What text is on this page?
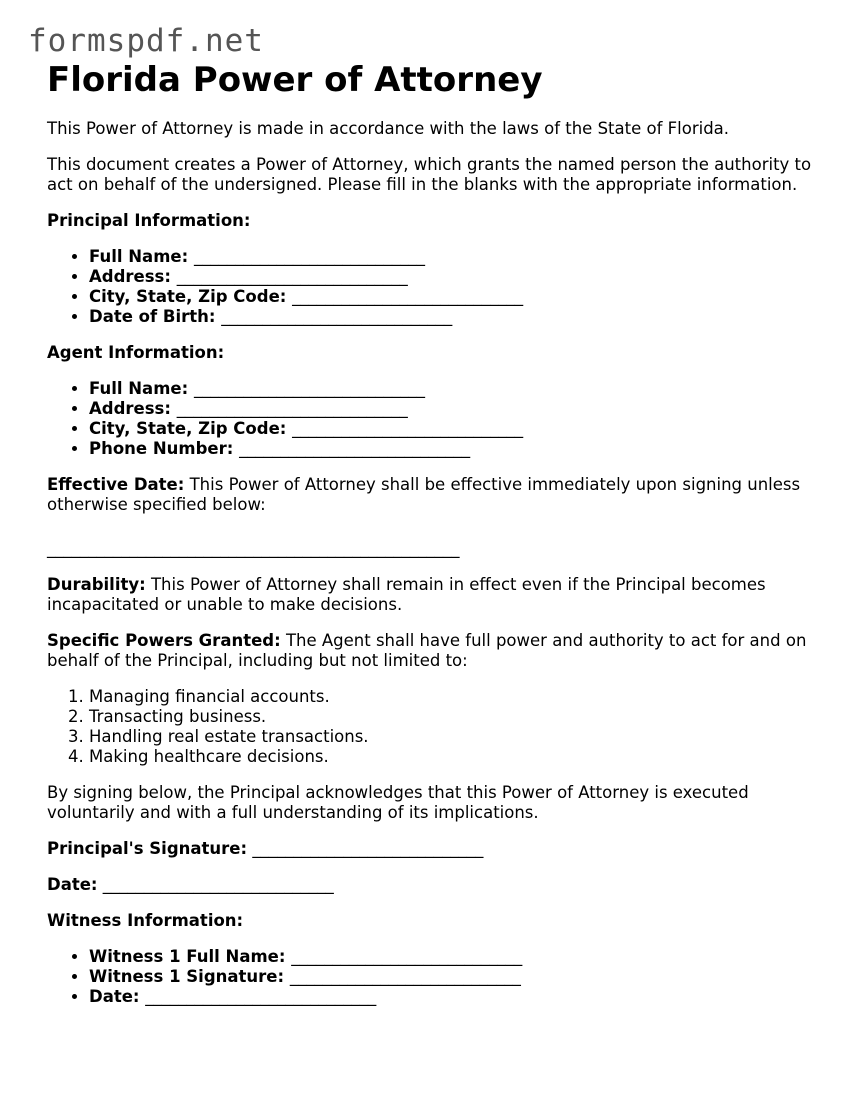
formspdf.net
Florida Power of Attorney

This Power of Attorney is made in accordance with the laws of the State of Florida.

This document creates a Power of Attorney, which grants the named person the authority to act on behalf of the undersigned. Please fill in the blanks with the appropriate information.

Principal Information:

• Full Name: ____________________________
• Address: ____________________________
• City, State, Zip Code: ____________________________
• Date of Birth: ____________________________

Agent Information:

• Full Name: ____________________________
• Address: ____________________________
• City, State, Zip Code: ____________________________
• Phone Number: ____________________________

Effective Date: This Power of Attorney shall be effective immediately upon signing unless otherwise specified below:

__________________________________________________

Durability: This Power of Attorney shall remain in effect even if the Principal becomes incapacitated or unable to make decisions.

Specific Powers Granted: The Agent shall have full power and authority to act for and on behalf of the Principal, including but not limited to:

1. Managing financial accounts.
2. Transacting business.
3. Handling real estate transactions.
4. Making healthcare decisions.

By signing below, the Principal acknowledges that this Power of Attorney is executed voluntarily and with a full understanding of its implications.

Principal's Signature: ____________________________

Date: ____________________________

Witness Information:

• Witness 1 Full Name: ____________________________
• Witness 1 Signature: ____________________________
• Date: ____________________________
